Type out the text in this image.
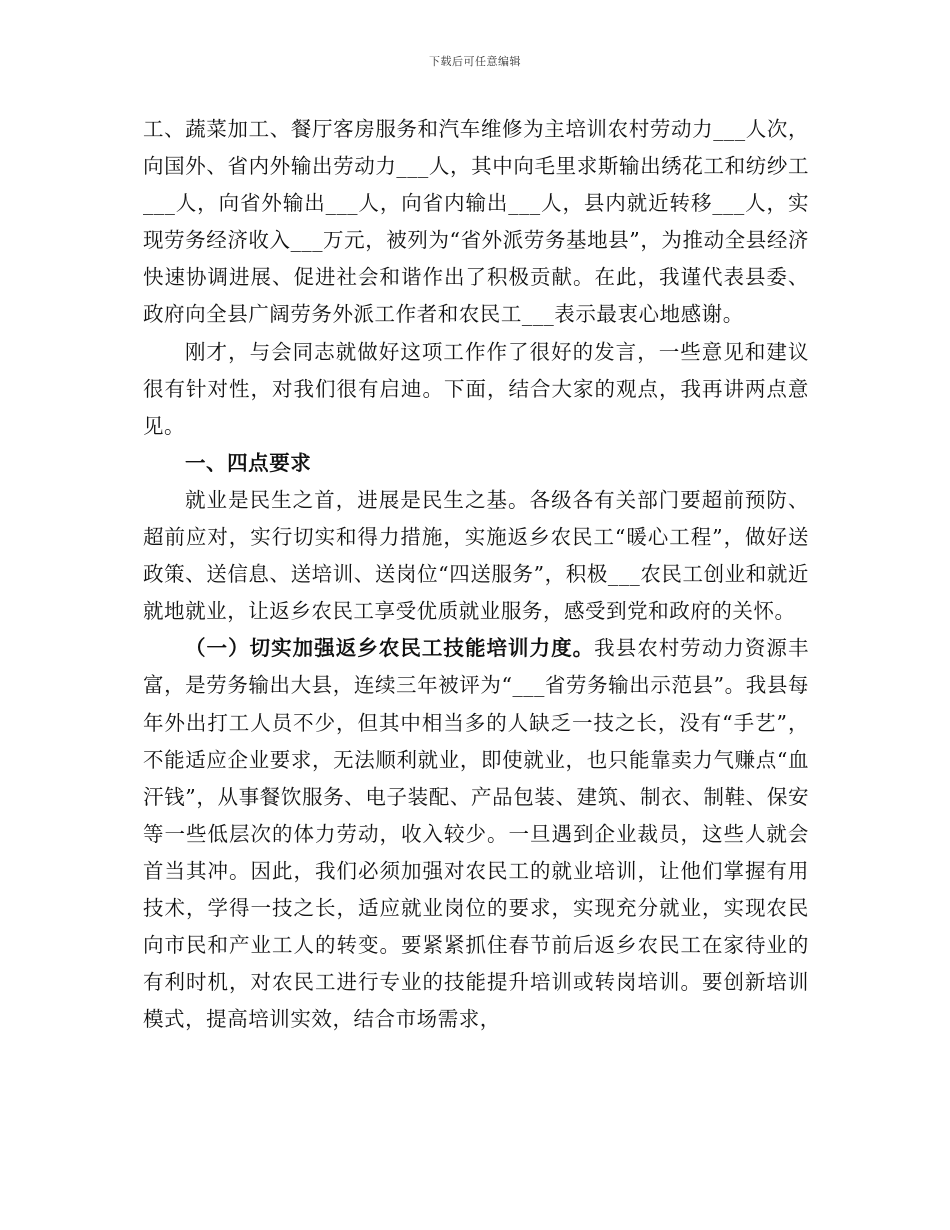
下载后可任意编辑

工、蔬菜加工、餐厅客房服务和汽车维修为主培训农村劳动力___人次，向国外、省内外输出劳动力___人，其中向毛里求斯输出绣花工和纺纱工___人，向省外输出___人，向省内输出___人，县内就近转移___人，实现劳务经济收入___万元，被列为“省外派劳务基地县”，为推动全县经济快速协调进展、促进社会和谐作出了积极贡献。在此，我谨代表县委、政府向全县广阔劳务外派工作者和农民工___表示最衷心地感谢。

刚才，与会同志就做好这项工作作了很好的发言，一些意见和建议很有针对性，对我们很有启迪。下面，结合大家的观点，我再讲两点意见。

一、四点要求

就业是民生之首，进展是民生之基。各级各有关部门要超前预防、超前应对，实行切实和得力措施，实施返乡农民工“暖心工程”，做好送政策、送信息、送培训、送岗位“四送服务”，积极___农民工创业和就近就地就业，让返乡农民工享受优质就业服务，感受到党和政府的关怀。

（一）切实加强返乡农民工技能培训力度。我县农村劳动力资源丰富，是劳务输出大县，连续三年被评为“___省劳务输出示范县”。我县每年外出打工人员不少，但其中相当多的人缺乏一技之长，没有“手艺”，不能适应企业要求，无法顺利就业，即使就业，也只能靠卖力气赚点“血汗钱”，从事餐饮服务、电子装配、产品包装、建筑、制衣、制鞋、保安等一些低层次的体力劳动，收入较少。一旦遇到企业裁员，这些人就会首当其冲。因此，我们必须加强对农民工的就业培训，让他们掌握有用技术，学得一技之长，适应就业岗位的要求，实现充分就业，实现农民向市民和产业工人的转变。要紧紧抓住春节前后返乡农民工在家待业的有利时机，对农民工进行专业的技能提升培训或转岗培训。要创新培训模式，提高培训实效，结合市场需求，
